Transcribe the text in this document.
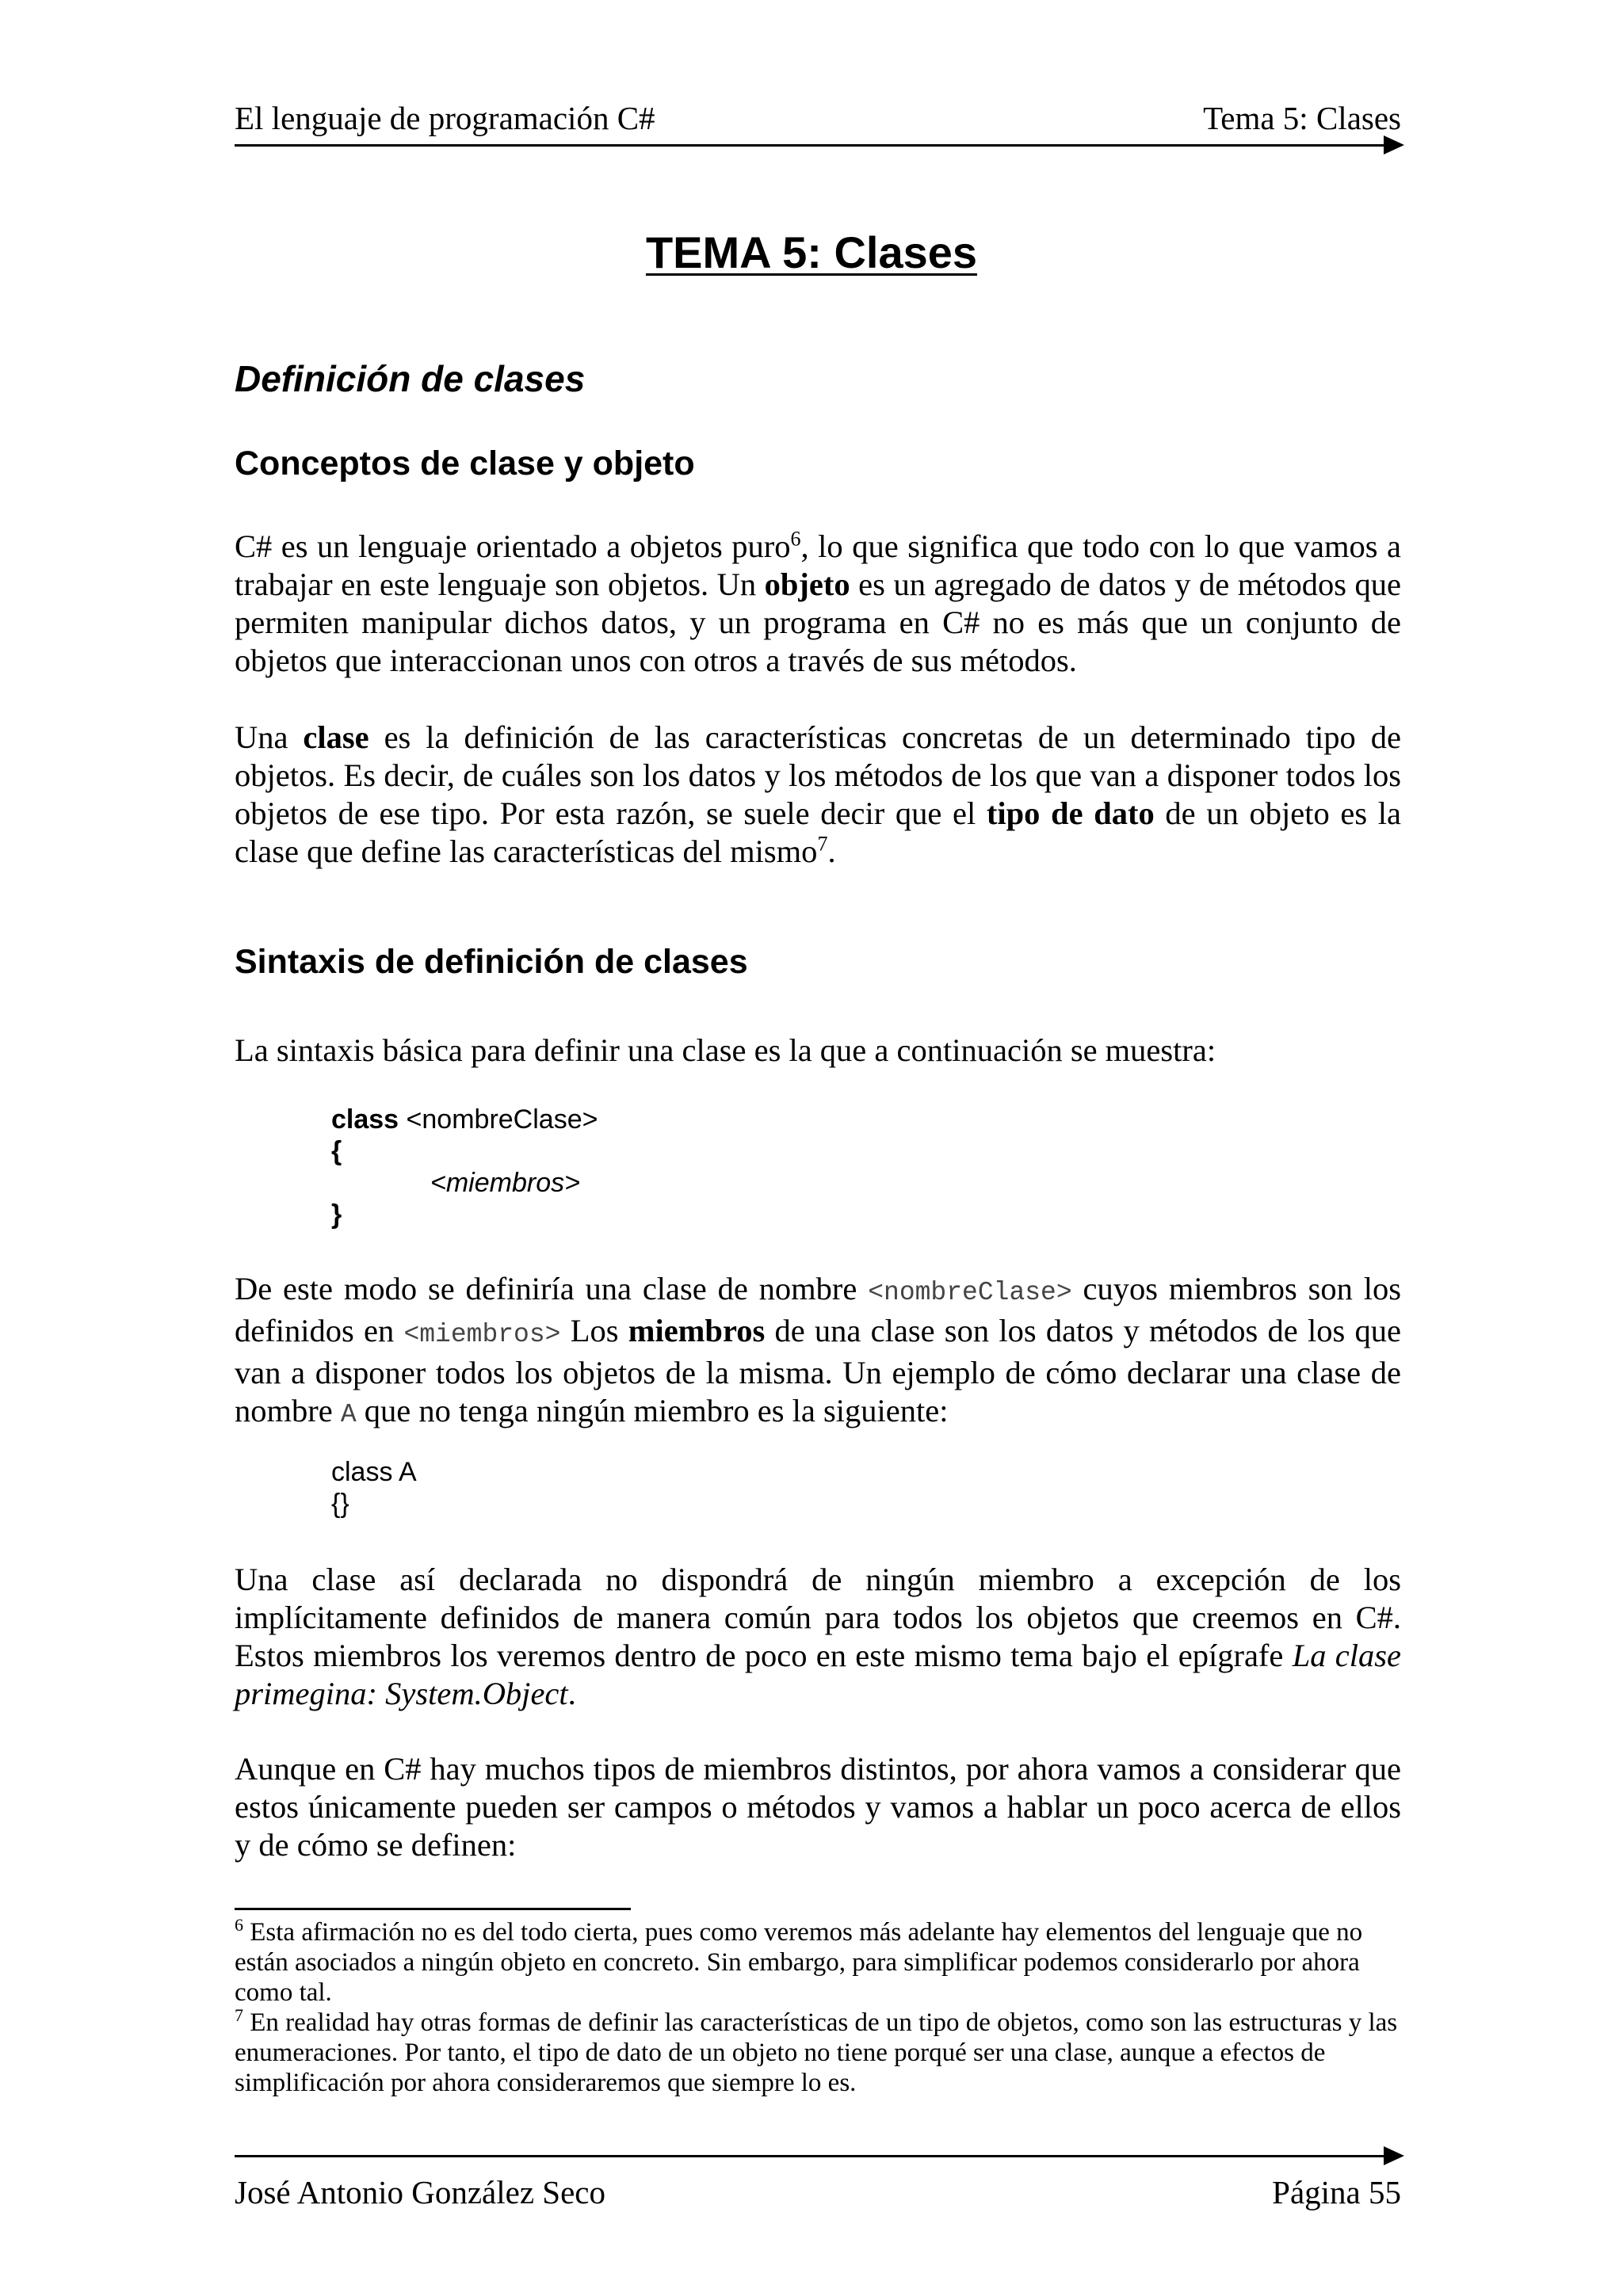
El lenguaje de programación C#	Tema 5: Clases
TEMA 5: Clases
Definición de clases
Conceptos de clase y objeto

C# es un lenguaje orientado a objetos puro$^6$, lo que significa que todo con lo que vamos a trabajar en este lenguaje son objetos. Un objeto es un agregado de datos y de métodos que permiten manipular dichos datos, y un programa en C# no es más que un conjunto de objetos que interaccionan unos con otros a través de sus métodos.

Una clase es la definición de las características concretas de un determinado tipo de objetos. Es decir, de cuáles son los datos y los métodos de los que van a disponer todos los objetos de ese tipo. Por esta razón, se suele decir que el tipo de dato de un objeto es la clase que define las características del mismo$^7$.

Sintaxis de definición de clases

La sintaxis básica para definir una clase es la que a continuación se muestra:

class <nombreClase>
{
<miembros>
}

De este modo se definiría una clase de nombre <nombreClase> cuyos miembros son los definidos en <miembros> Los miembros de una clase son los datos y métodos de los que van a disponer todos los objetos de la misma. Un ejemplo de cómo declarar una clase de nombre A que no tenga ningún miembro es la siguiente:

class A
{}

Una clase así declarada no dispondrá de ningún miembro a excepción de los implícitamente definidos de manera común para todos los objetos que creemos en C#. Estos miembros los veremos dentro de poco en este mismo tema bajo el epígrafe La clase primegina: System.Object.

Aunque en C# hay muchos tipos de miembros distintos, por ahora vamos a considerar que estos únicamente pueden ser campos o métodos y vamos a hablar un poco acerca de ellos y de cómo se definen:

$^6$ Esta afirmación no es del todo cierta, pues como veremos más adelante hay elementos del lenguaje que no están asociados a ningún objeto en concreto. Sin embargo, para simplificar podemos considerarlo por ahora como tal.

$^7$ En realidad hay otras formas de definir las características de un tipo de objetos, como son las estructuras y las enumeraciones. Por tanto, el tipo de dato de un objeto no tiene porqué ser una clase, aunque a efectos de simplificación por ahora consideraremos que siempre lo es.

José Antonio González Seco	Página 55
